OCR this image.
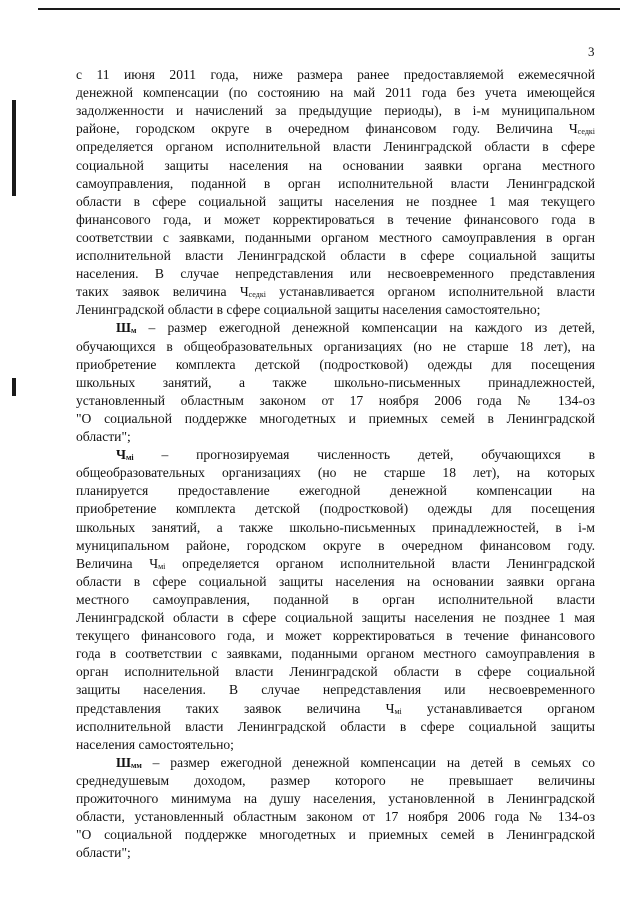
3
с 11 июня 2011 года, ниже размера ранее предоставляемой ежемесячной
денежной компенсации (по состоянию на май 2011 года без учета имеющейся
задолженности и начислений за предыдущие периоды), в i-м муниципальном
районе, городском округе в очередном финансовом году. Величина $Ч_{седкі}$
определяется органом исполнительной власти Ленинградской области в сфере
социальной защиты населения на основании заявки органа местного
самоуправления, поданной в орган исполнительной власти Ленинградской
области в сфере социальной защиты населения не позднее 1 мая текущего
финансового года, и может корректироваться в течение финансового года в
соответствии с заявками, поданными органом местного самоуправления в орган
исполнительной власти Ленинградской области в сфере социальной защиты
населения. В случае непредставления или несвоевременного представления
таких заявок величина $Ч_{седкі}$ устанавливается органом исполнительной власти
Ленинградской области в сфере социальной защиты населения самостоятельно;
$Ш_м$ – размер ежегодной денежной компенсации на каждого из детей,
обучающихся в общеобразовательных организациях (но не старше 18 лет), на
приобретение комплекта детской (подростковой) одежды для посещения
школьных занятий, а также школьно-письменных принадлежностей,
установленный областным законом от 17 ноября 2006 года № 134-оз
"О социальной поддержке многодетных и приемных семей в Ленинградской
области";
$Ч_{мі}$ – прогнозируемая численность детей, обучающихся в
общеобразовательных организациях (но не старше 18 лет), на которых
планируется предоставление ежегодной денежной компенсации на
приобретение комплекта детской (подростковой) одежды для посещения
школьных занятий, а также школьно-письменных принадлежностей, в i-м
муниципальном районе, городском округе в очередном финансовом году.
Величина $Ч_{мі}$ определяется органом исполнительной власти Ленинградской
области в сфере социальной защиты населения на основании заявки органа
местного самоуправления, поданной в орган исполнительной власти
Ленинградской области в сфере социальной защиты населения не позднее 1 мая
текущего финансового года, и может корректироваться в течение финансового
года в соответствии с заявками, поданными органом местного самоуправления в
орган исполнительной власти Ленинградской области в сфере социальной
защиты населения. В случае непредставления или несвоевременного
представления таких заявок величина $Ч_{мі}$ устанавливается органом
исполнительной власти Ленинградской области в сфере социальной защиты
населения самостоятельно;
$Ш_{мм}$ – размер ежегодной денежной компенсации на детей в семьях со
среднедушевым доходом, размер которого не превышает величины
прожиточного минимума на душу населения, установленной в Ленинградской
области, установленный областным законом от 17 ноября 2006 года № 134-оз
"О социальной поддержке многодетных и приемных семей в Ленинградской
области";
